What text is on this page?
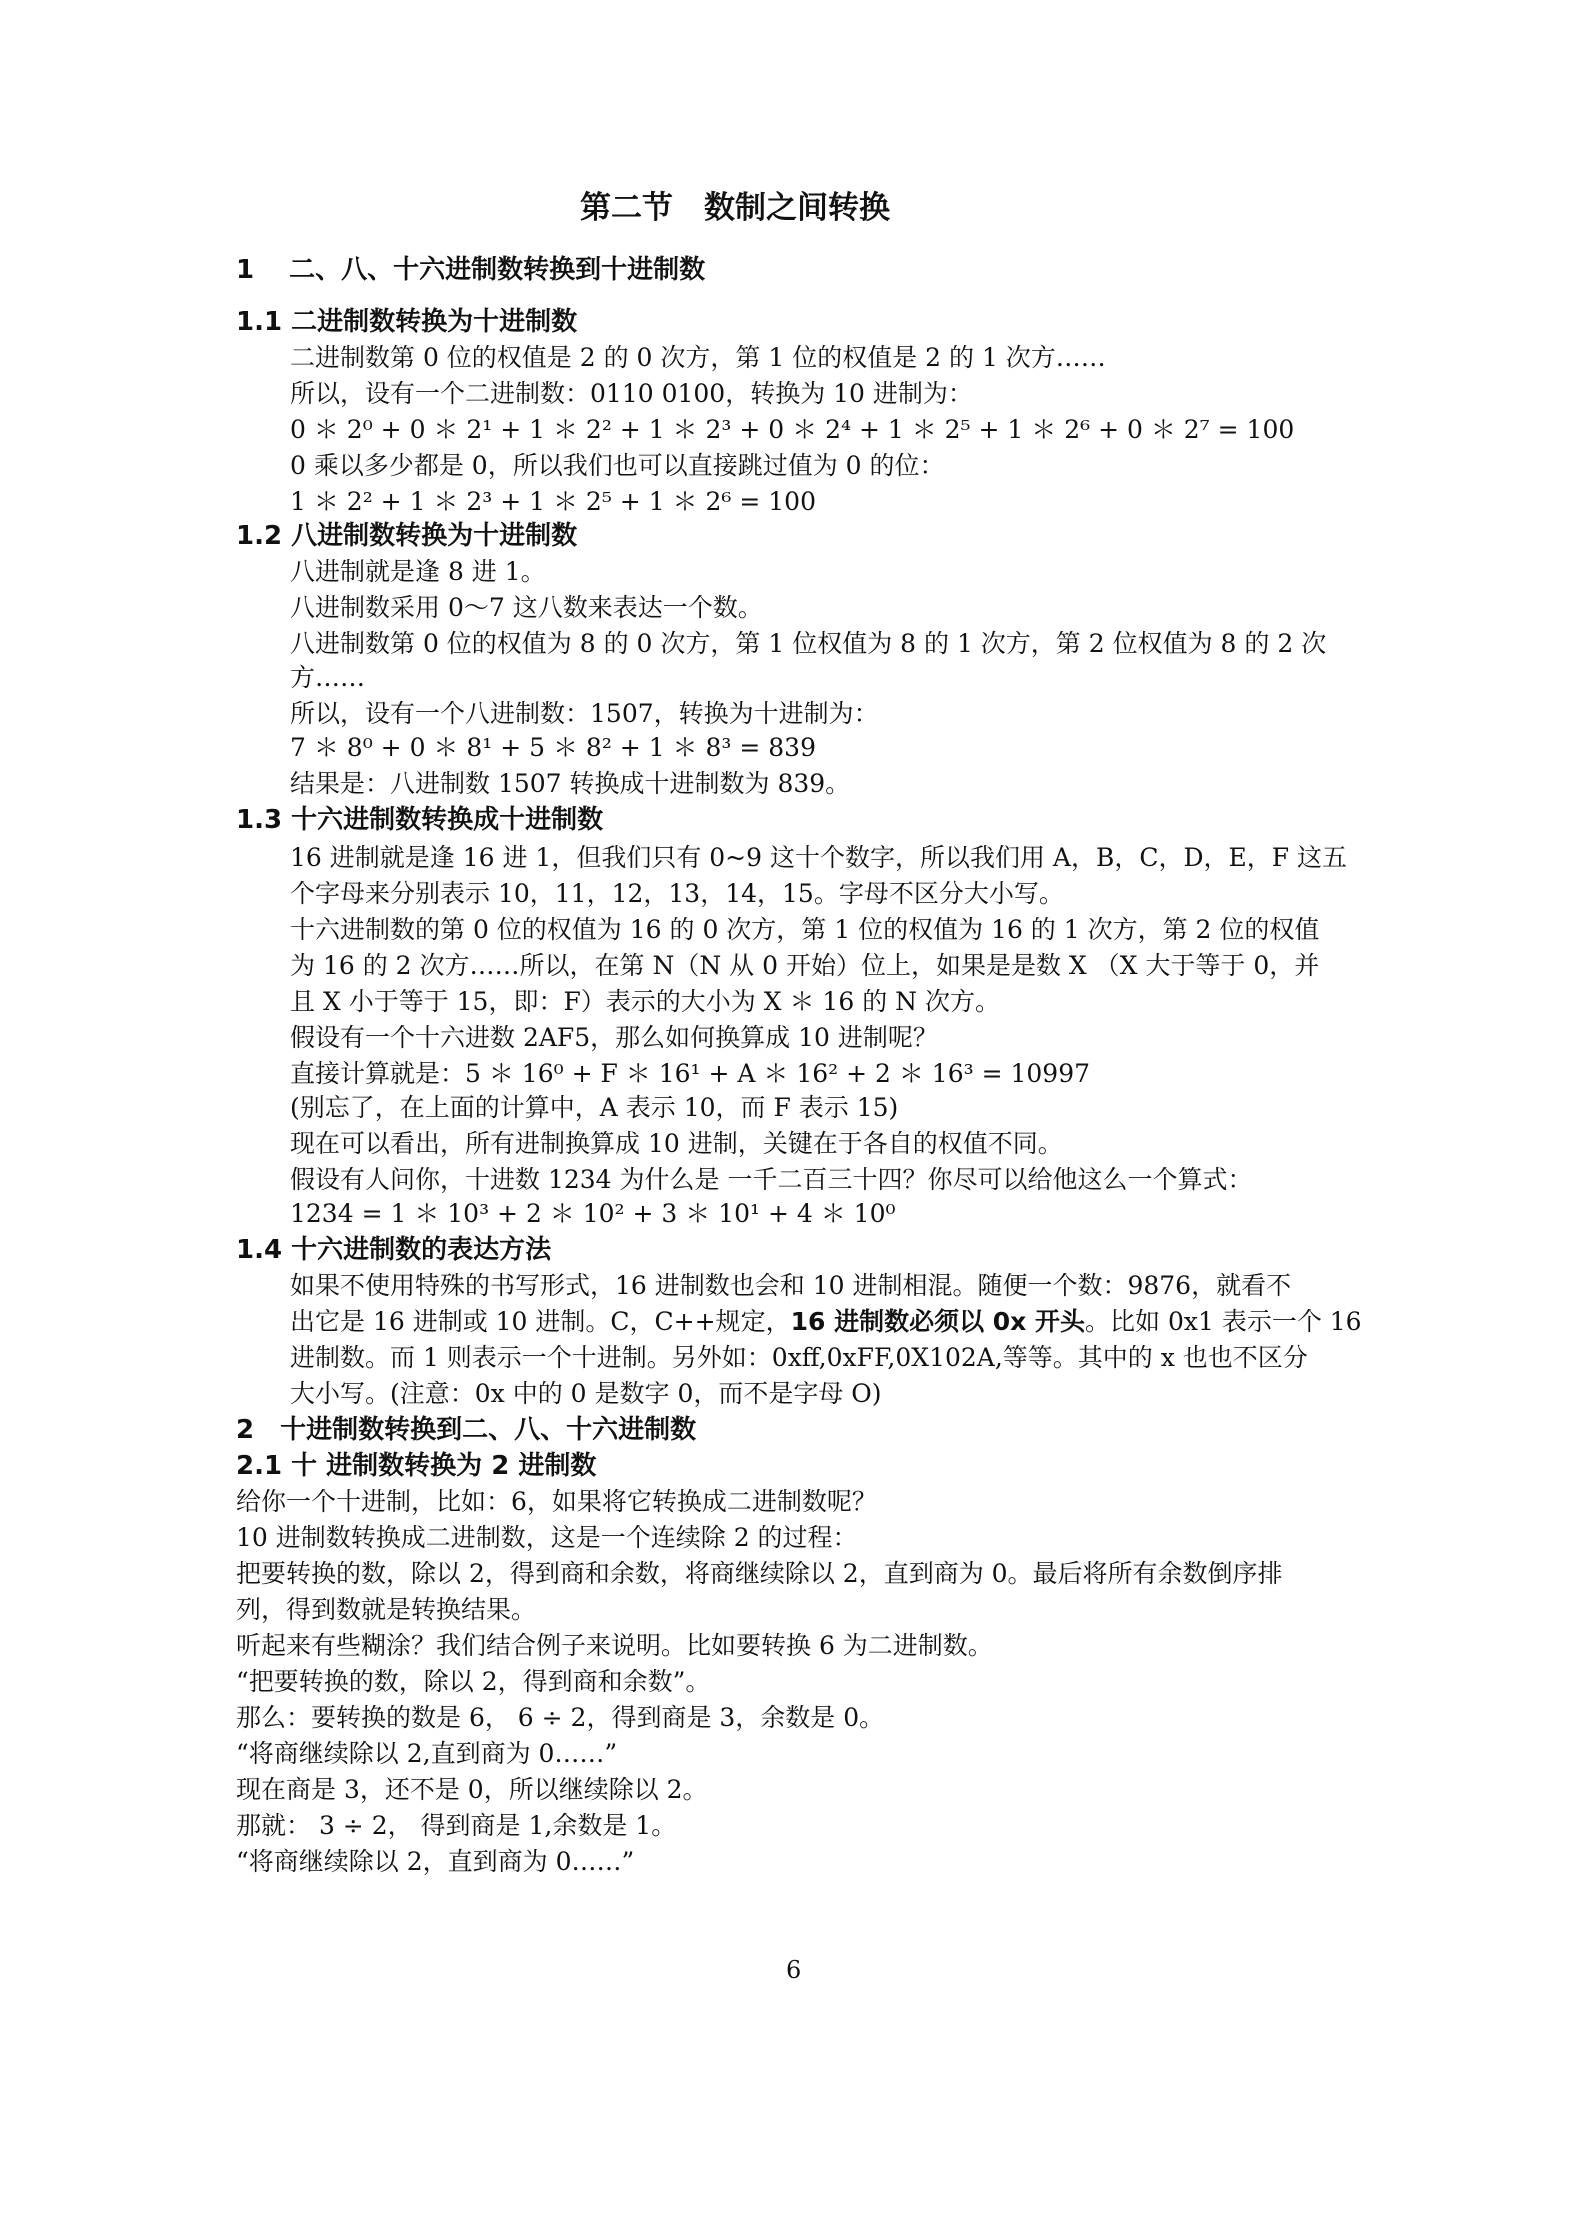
第二节　数制之间转换
1　 二、八、十六进制数转换到十进制数
1.1 二进制数转换为十进制数
二进制数第 0 位的权值是 2 的 0 次方，第 1 位的权值是 2 的 1 次方……
所以，设有一个二进制数：0110 0100，转换为 10 进制为：
0 ＊ 2⁰ + 0 ＊ 2¹ + 1 ＊ 2² + 1 ＊ 2³ + 0 ＊ 2⁴ + 1 ＊ 2⁵ + 1 ＊ 2⁶ + 0 ＊ 2⁷ = 100
0 乘以多少都是 0，所以我们也可以直接跳过值为 0 的位：
1 ＊ 2² + 1 ＊ 2³ + 1 ＊ 2⁵ + 1 ＊ 2⁶ = 100
1.2 八进制数转换为十进制数
八进制就是逢 8 进 1。
八进制数采用 0～7 这八数来表达一个数。
八进制数第 0 位的权值为 8 的 0 次方，第 1 位权值为 8 的 1 次方，第 2 位权值为 8 的 2 次
方……
所以，设有一个八进制数：1507，转换为十进制为：
7 ＊ 8⁰ + 0 ＊ 8¹ + 5 ＊ 8² + 1 ＊ 8³ = 839
结果是：八进制数 1507 转换成十进制数为 839。
1.3 十六进制数转换成十进制数
16 进制就是逢 16 进 1，但我们只有 0~9 这十个数字，所以我们用 A，B，C，D，E，F 这五
个字母来分别表示 10，11，12，13，14，15。字母不区分大小写。
十六进制数的第 0 位的权值为 16 的 0 次方，第 1 位的权值为 16 的 1 次方，第 2 位的权值
为 16 的 2 次方……所以，在第 N（N 从 0 开始）位上，如果是是数 X （X 大于等于 0，并
且 X 小于等于 15，即：F）表示的大小为 X ＊ 16 的 N 次方。
假设有一个十六进数 2AF5，那么如何换算成 10 进制呢？
直接计算就是：5 ＊ 16⁰ + F ＊ 16¹ + A ＊ 16² + 2 ＊ 16³ = 10997
(别忘了，在上面的计算中，A 表示 10，而 F 表示 15)
现在可以看出，所有进制换算成 10 进制，关键在于各自的权值不同。
假设有人问你，十进数 1234 为什么是 一千二百三十四？你尽可以给他这么一个算式：
1234 = 1 ＊ 10³ + 2 ＊ 10² + 3 ＊ 10¹ + 4 ＊ 10⁰
1.4 十六进制数的表达方法
如果不使用特殊的书写形式，16 进制数也会和 10 进制相混。随便一个数：9876，就看不
出它是 16 进制或 10 进制。C，C++规定，16 进制数必须以 0x 开头。比如 0x1 表示一个 16
进制数。而 1 则表示一个十进制。另外如：0xff,0xFF,0X102A,等等。其中的 x 也也不区分
大小写。(注意：0x 中的 0 是数字 0，而不是字母 O)
2　十进制数转换到二、八、十六进制数
2.1 十 进制数转换为 2 进制数
给你一个十进制，比如：6，如果将它转换成二进制数呢？
10 进制数转换成二进制数，这是一个连续除 2 的过程：
把要转换的数，除以 2，得到商和余数，将商继续除以 2，直到商为 0。最后将所有余数倒序排
列，得到数就是转换结果。
听起来有些糊涂？我们结合例子来说明。比如要转换 6 为二进制数。
“把要转换的数，除以 2，得到商和余数”。
那么：要转换的数是 6， 6 ÷ 2，得到商是 3，余数是 0。
“将商继续除以 2,直到商为 0……”
现在商是 3，还不是 0，所以继续除以 2。
那就： 3 ÷ 2， 得到商是 1,余数是 1。
“将商继续除以 2，直到商为 0……”
6
